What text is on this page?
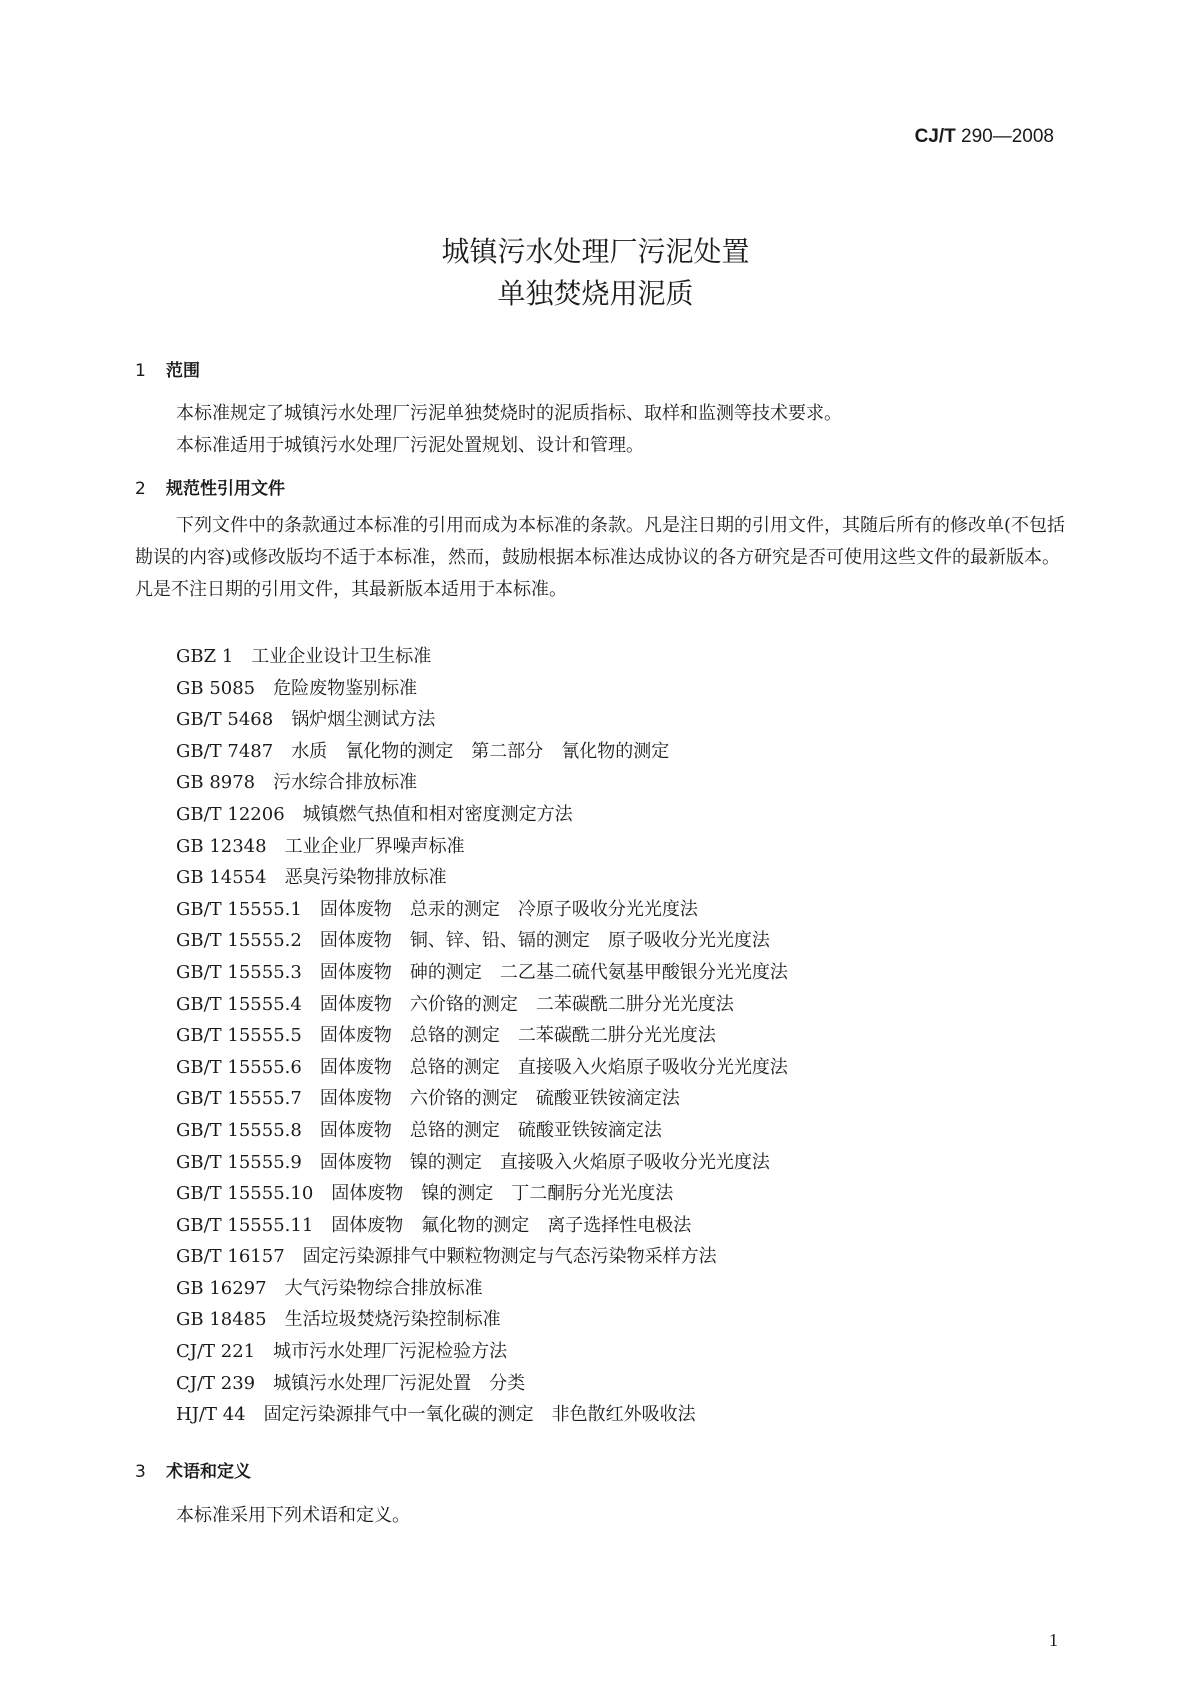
CJ/T 290—2008
城镇污水处理厂污泥处置
单独焚烧用泥质
1 范围
本标准规定了城镇污水处理厂污泥单独焚烧时的泥质指标、取样和监测等技术要求。
本标准适用于城镇污水处理厂污泥处置规划、设计和管理。
2 规范性引用文件

下列文件中的条款通过本标准的引用而成为本标准的条款。凡是注日期的引用文件，其随后所有的修改单(不包括勘误的内容)或修改版均不适于本标准，然而，鼓励根据本标准达成协议的各方研究是否可使用这些文件的最新版本。凡是不注日期的引用文件，其最新版本适用于本标准。

GBZ 1 工业企业设计卫生标准
GB 5085 危险废物鉴别标准
GB/T 5468 锅炉烟尘测试方法
GB/T 7487 水质　氰化物的测定　第二部分　氰化物的测定
GB 8978 污水综合排放标准
GB/T 12206 城镇燃气热值和相对密度测定方法
GB 12348 工业企业厂界噪声标准
GB 14554 恶臭污染物排放标准
GB/T 15555.1 固体废物　总汞的测定　冷原子吸收分光光度法
GB/T 15555.2 固体废物　铜、锌、铅、镉的测定　原子吸收分光光度法
GB/T 15555.3 固体废物　砷的测定　二乙基二硫代氨基甲酸银分光光度法
GB/T 15555.4 固体废物　六价铬的测定　二苯碳酰二肼分光光度法
GB/T 15555.5 固体废物　总铬的测定　二苯碳酰二肼分光光度法
GB/T 15555.6 固体废物　总铬的测定　直接吸入火焰原子吸收分光光度法
GB/T 15555.7 固体废物　六价铬的测定　硫酸亚铁铵滴定法
GB/T 15555.8 固体废物　总铬的测定　硫酸亚铁铵滴定法
GB/T 15555.9 固体废物　镍的测定　直接吸入火焰原子吸收分光光度法
GB/T 15555.10 固体废物　镍的测定　丁二酮肟分光光度法
GB/T 15555.11 固体废物　氟化物的测定　离子选择性电极法
GB/T 16157 固定污染源排气中颗粒物测定与气态污染物采样方法
GB 16297 大气污染物综合排放标准
GB 18485 生活垃圾焚烧污染控制标准
CJ/T 221 城市污水处理厂污泥检验方法
CJ/T 239 城镇污水处理厂污泥处置　分类
HJ/T 44 固定污染源排气中一氧化碳的测定　非色散红外吸收法
3 术语和定义
本标准采用下列术语和定义。
1
